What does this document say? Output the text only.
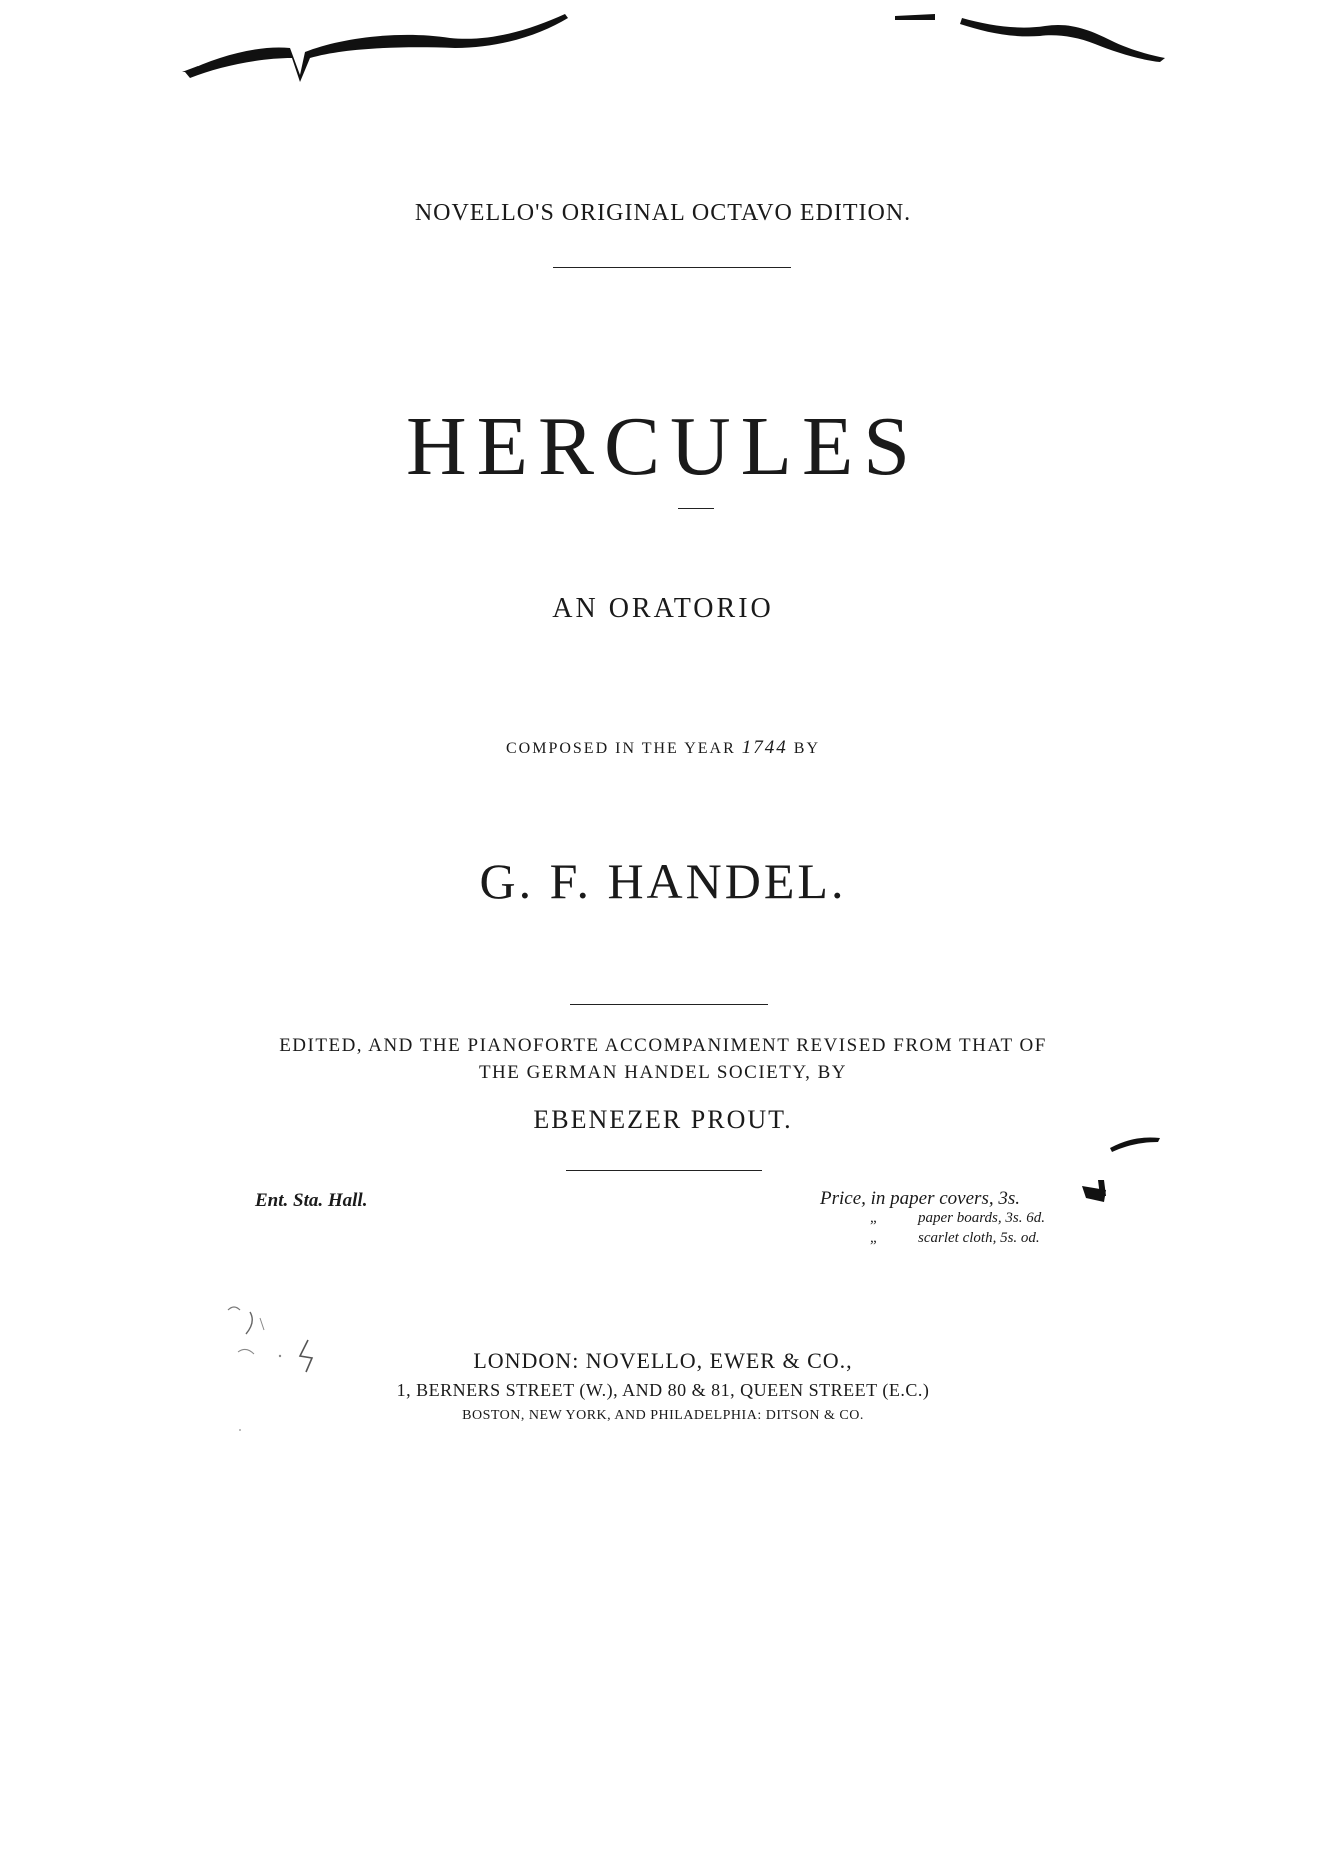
NOVELLO'S ORIGINAL OCTAVO EDITION.
HERCULES
AN ORATORIO
COMPOSED IN THE YEAR 1744 BY
G. F. HANDEL.
EDITED, AND THE PIANOFORTE ACCOMPANIMENT REVISED FROM THAT OF
THE GERMAN HANDEL SOCIETY, BY
EBENEZER PROUT.
Ent. Sta. Hall.	Price, in paper covers, 3s.
„	paper boards, 3s. 6d.
„	scarlet cloth, 5s. od.
LONDON: NOVELLO, EWER & CO.,
1, BERNERS STREET (W.), AND 80 & 81, QUEEN STREET (E.C.)
BOSTON, NEW YORK, AND PHILADELPHIA: DITSON & CO.
